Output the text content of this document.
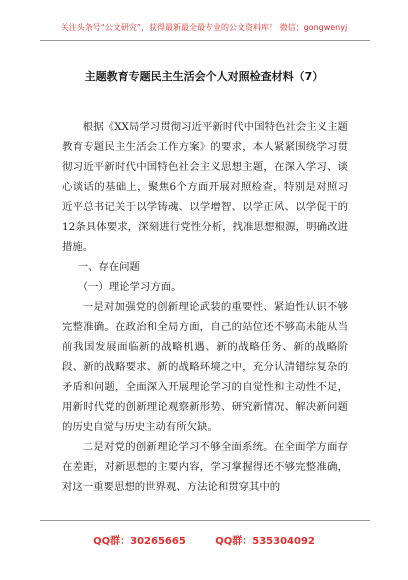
关注头条号“公文研究”，获得最新最全最专业的公文资料库！ 微信：gongwenyj
主题教育专题民主生活会个人对照检查材料（7）

根据《XX局学习贯彻习近平新时代中国特色社会主义主题教育专题民主生活会工作方案》的要求，本人紧紧围绕学习贯彻习近平新时代中国特色社会主义思想主题，在深入学习、谈心谈话的基础上，聚焦6个方面开展对照检查，特别是对照习近平总书记关于以学铸魂、以学增智、以学正风、以学促干的12条具体要求，深刻进行党性分析，找准思想根源，明确改进措施。

一、存在问题

（一）理论学习方面。

一是对加强党的创新理论武装的重要性、紧迫性认识不够完整准确。在政治和全局方面，自己的站位还不够高未能从当前我国发展面临新的战略机遇、新的战略任务、新的战略阶段、新的战略要求、新的战略环境之中，充分认清错综复杂的矛盾和问题，全面深入开展理论学习的自觉性和主动性不足，用新时代党的创新理论观察新形势、研究新情况、解决新问题的历史自觉与历史主动有所欠缺。

二是对党的创新理论学习不够全面系统。在全面学方面存在差距，对新思想的主要内容，学习掌握得还不够完整准确，对这一重要思想的世界观、方法论和贯穿其中的

QQ群：30265665	QQ群：535304092
